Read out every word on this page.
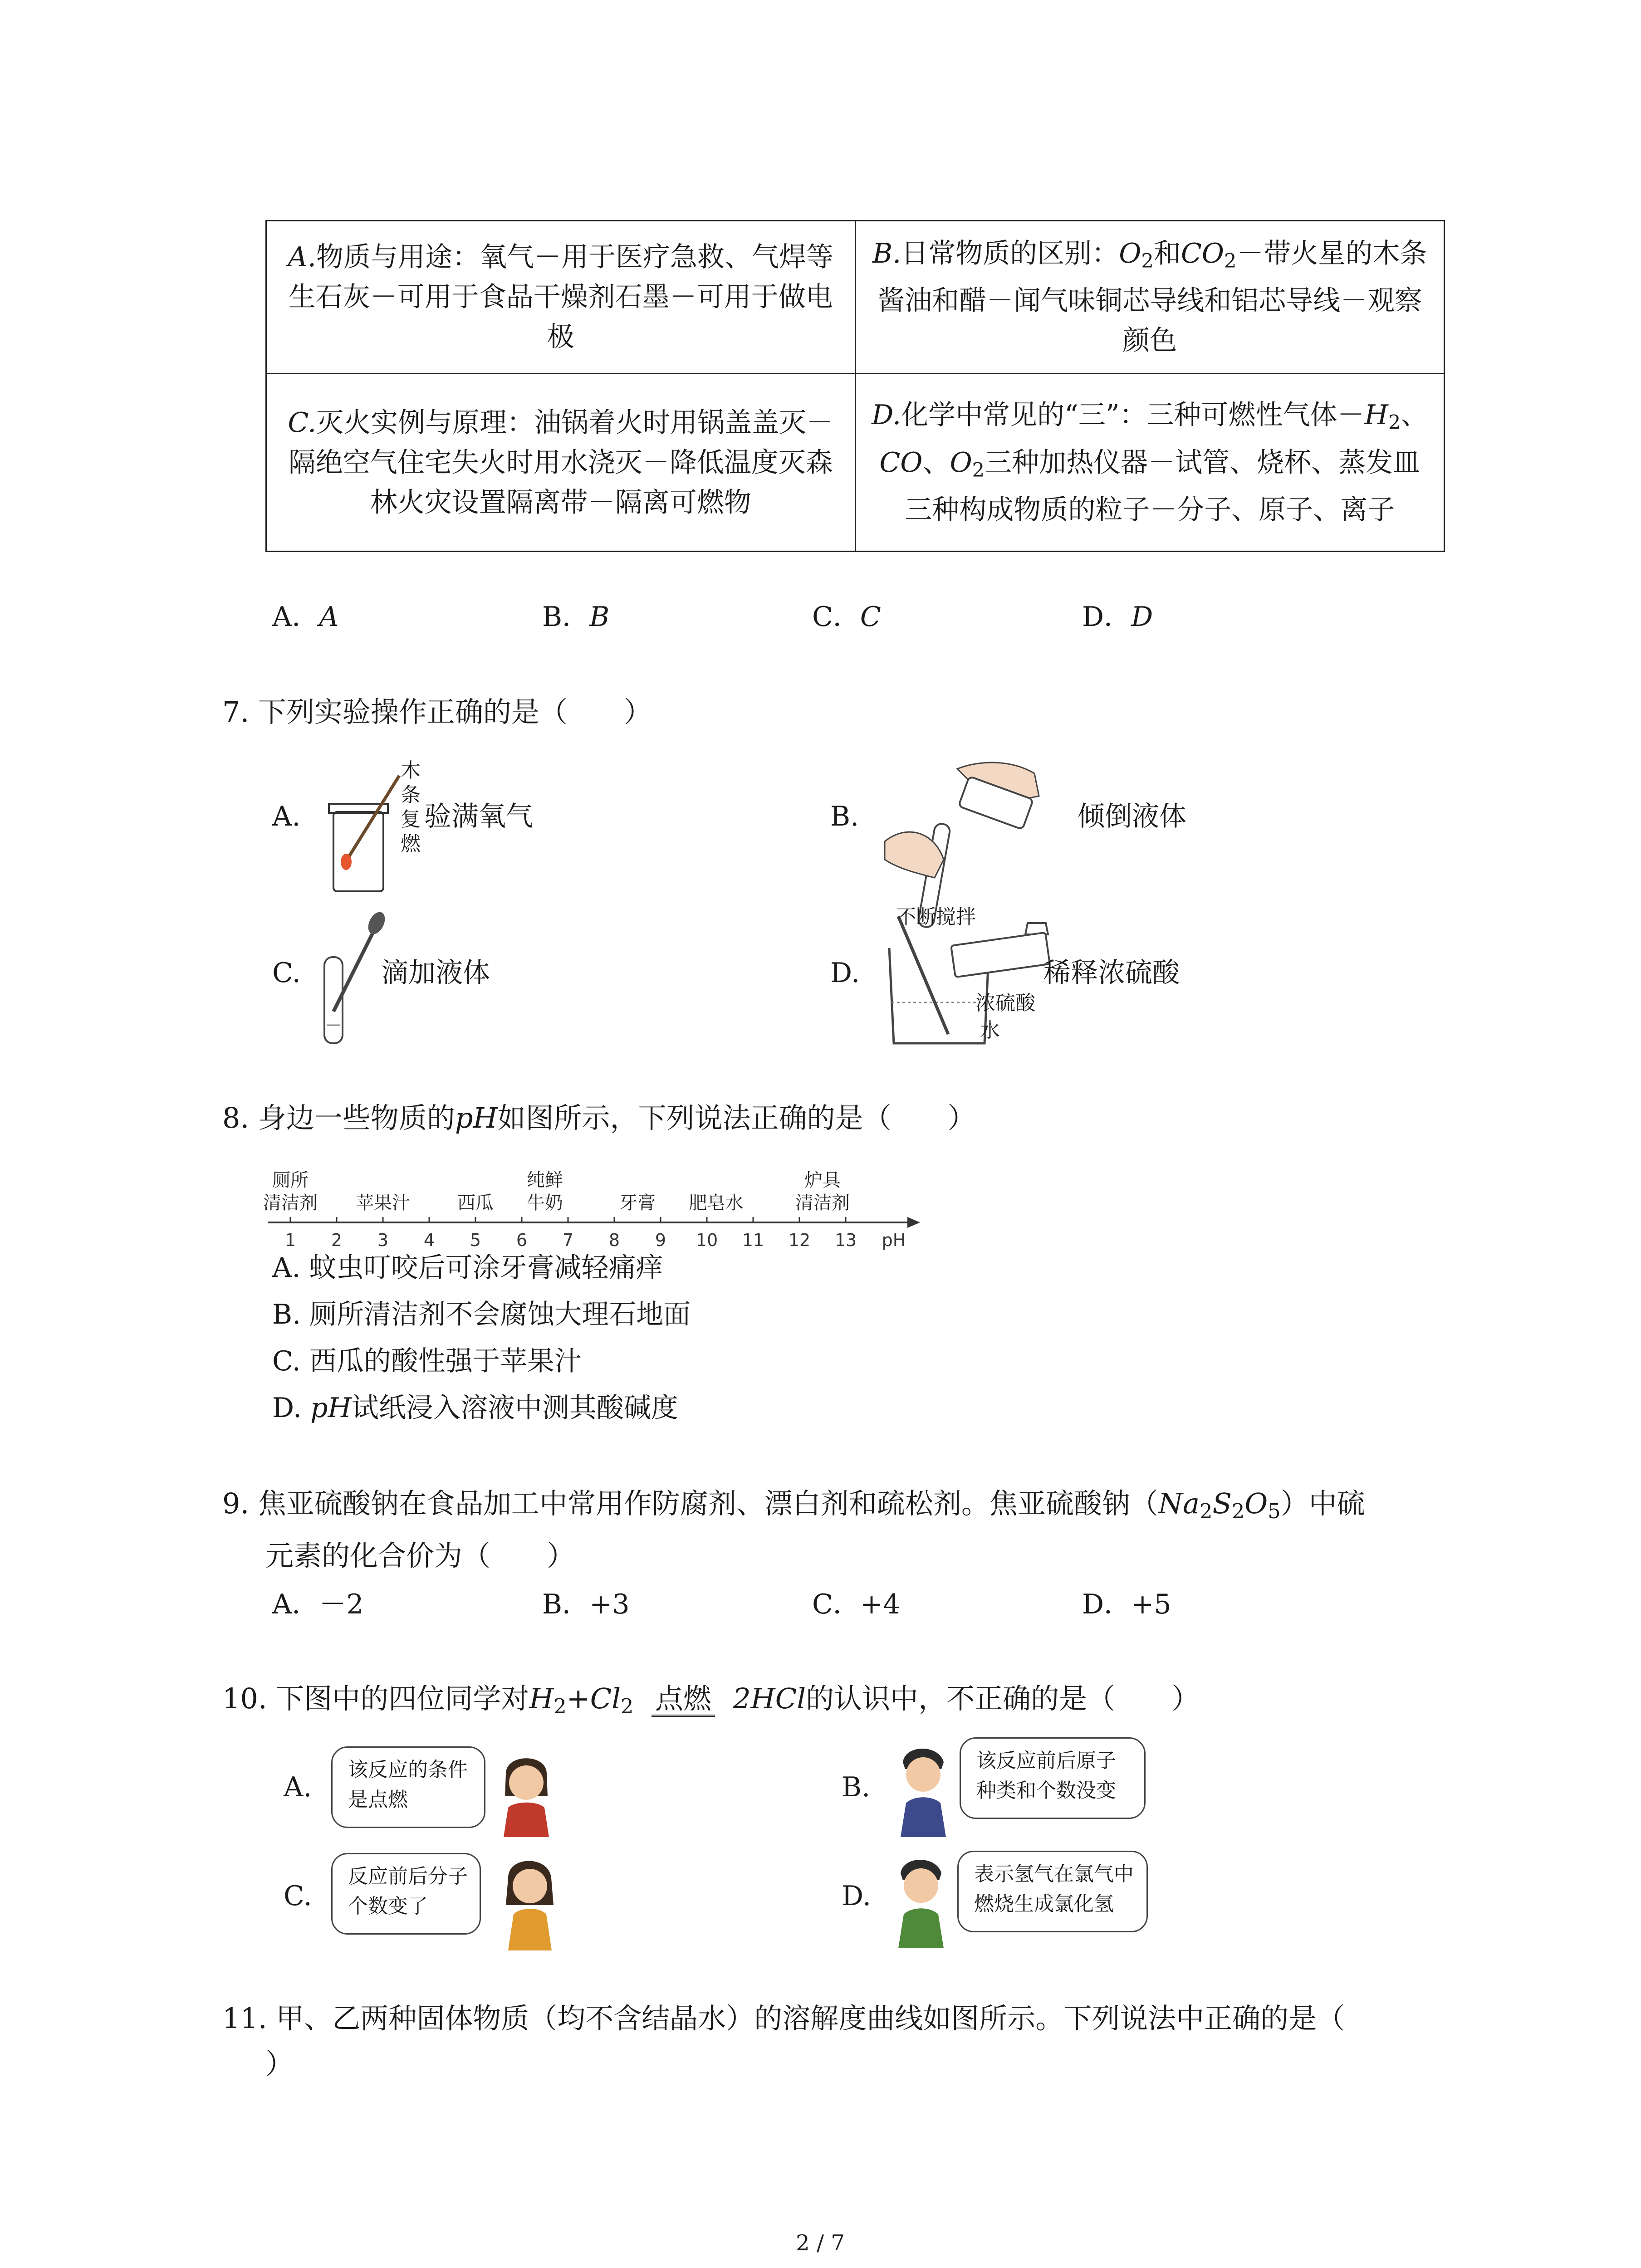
A.物质与用途：氧气－用于医疗急救、气焊等生石灰－可用于食品干燥剂石墨－可用于做电极	B.日常物质的区别：$O_2$和$CO_2-$带火星的木条酱油和醋－闻气味铜芯导线和铝芯导线－观察颜色
C.灭火实例与原理：油锅着火时用锅盖盖灭－隔绝空气住宅失火时用水浇灭－降低温度灭森林火灾设置隔离带－隔离可燃物	D.化学中常见的“三”：三种可燃性气体$-H_2$、CO、$O_2$三种加热仪器－试管、烧杯、蒸发皿三种构成物质的粒子－分子、原子、离子
A．A	B．B	C．C	D．D
7. 下列实验操作正确的是（　　）
A.
木
条
复
燃
验满氧气	B.	倾倒液体
C.	滴加液体	D.
不断搅拌
浓硫酸
水
稀释浓硫酸
8. 身边一些物质的pH如图所示，下列说法正确的是（　　）
1 2 3 4 5 6 7 8 9 10 11 12 13 pH
厕所
清洁剂 苹果汁	西瓜
纯鲜
牛奶	牙膏 肥皂水
炉具
清洁剂
A. 蚊虫叮咬后可涂牙膏减轻痛痒
B. 厕所清洁剂不会腐蚀大理石地面
C. 西瓜的酸性强于苹果汁
D. pH试纸浸入溶液中测其酸碱度
9. 焦亚硫酸钠在食品加工中常用作防腐剂、漂白剂和疏松剂。焦亚硫酸钠$(Na_2S_2O_5)$中硫
元素的化合价为（　　）
A．－2	B．+3	C．+4	D．+5
10. 下图中的四位同学对$H_2+Cl_2$ 点燃 2HCl的认识中，不正确的是（　　）
A.
该反应的条件
是点燃	B.
该反应前后原子
种类和个数没变
C.
反应前后分子
个数变了	D.
表示氢气在氯气中
燃烧生成氯化氢
11. 甲、乙两种固体物质（均不含结晶水）的溶解度曲线如图所示。下列说法中正确的是（
）
2 / 7
